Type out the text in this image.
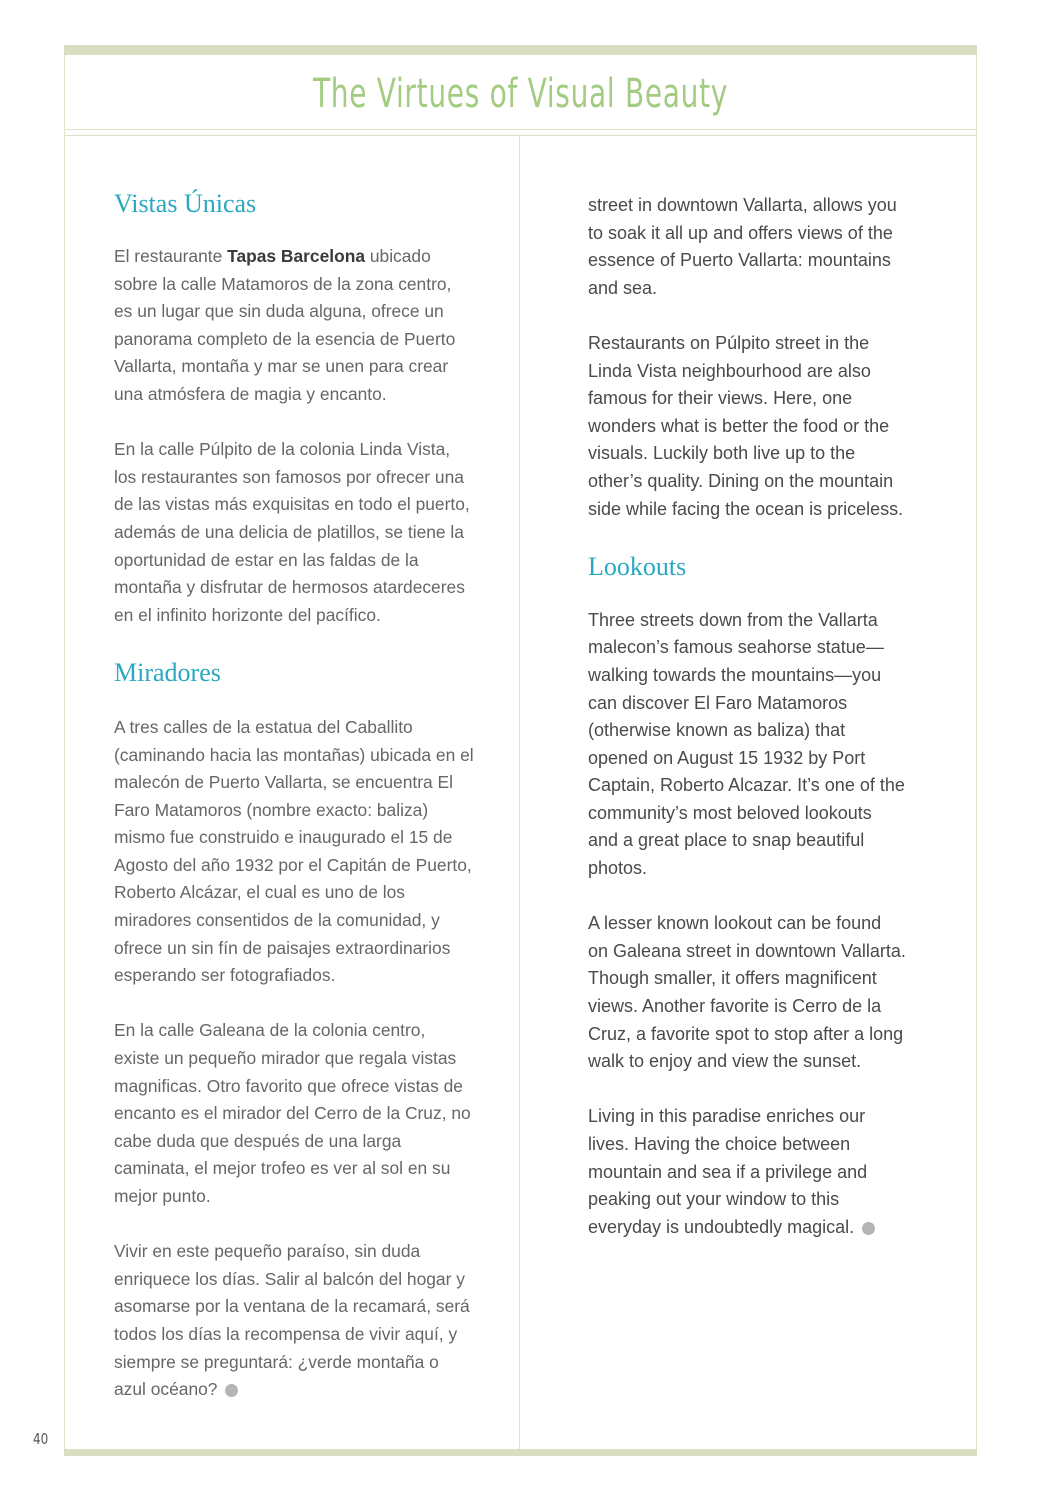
The Virtues of Visual Beauty
Vistas Únicas

El restaurante Tapas Barcelona ubicado sobre la calle Matamoros de la zona centro, es un lugar que sin duda alguna, ofrece un panorama completo de la esencia de Puerto Vallarta, montaña y mar se unen para crear una atmósfera de magia y encanto.

En la calle Púlpito de la colonia Linda Vista, los restaurantes son famosos por ofrecer una de las vistas más exquisitas en todo el puerto, además de una delicia de platillos, se tiene la oportunidad de estar en las faldas de la montaña y disfrutar de hermosos atardeceres en el infinito horizonte del pacífico.

Miradores

A tres calles de la estatua del Caballito (caminando hacia las montañas) ubicada en el malecón de Puerto Vallarta, se encuentra El Faro Matamoros (nombre exacto: baliza) mismo fue construido e inaugurado el 15 de Agosto del año 1932 por el Capitán de Puerto, Roberto Alcázar, el cual es uno de los miradores consentidos de la comunidad, y ofrece un sin fín de paisajes extraordinarios esperando ser fotografiados.

En la calle Galeana de la colonia centro, existe un pequeño mirador que regala vistas magnificas. Otro favorito que ofrece vistas de encanto es el mirador del Cerro de la Cruz, no cabe duda que después de una larga caminata, el mejor trofeo es ver al sol en su mejor punto.

Vivir en este pequeño paraíso, sin duda enriquece los días. Salir al balcón del hogar y asomarse por la ventana de la recamará, será todos los días la recompensa de vivir aquí, y siempre se preguntará: ¿verde montaña o azul océano?

street in downtown Vallarta, allows you to soak it all up and offers views of the essence of Puerto Vallarta: mountains and sea.

Restaurants on Púlpito street in the Linda Vista neighbourhood are also famous for their views. Here, one wonders what is better the food or the visuals. Luckily both live up to the other’s quality. Dining on the mountain side while facing the ocean is priceless.

Lookouts

Three streets down from the Vallarta malecon’s famous seahorse statue—walking towards the mountains—you can discover El Faro Matamoros (otherwise known as baliza) that opened on August 15 1932 by Port Captain, Roberto Alcazar. It’s one of the community’s most beloved lookouts and a great place to snap beautiful photos.

A lesser known lookout can be found on Galeana street in downtown Vallarta. Though smaller, it offers magnificent views. Another favorite is Cerro de la Cruz, a favorite spot to stop after a long walk to enjoy and view the sunset.

Living in this paradise enriches our lives. Having the choice between mountain and sea if a privilege and peaking out your window to this everyday is undoubtedly magical.

40
